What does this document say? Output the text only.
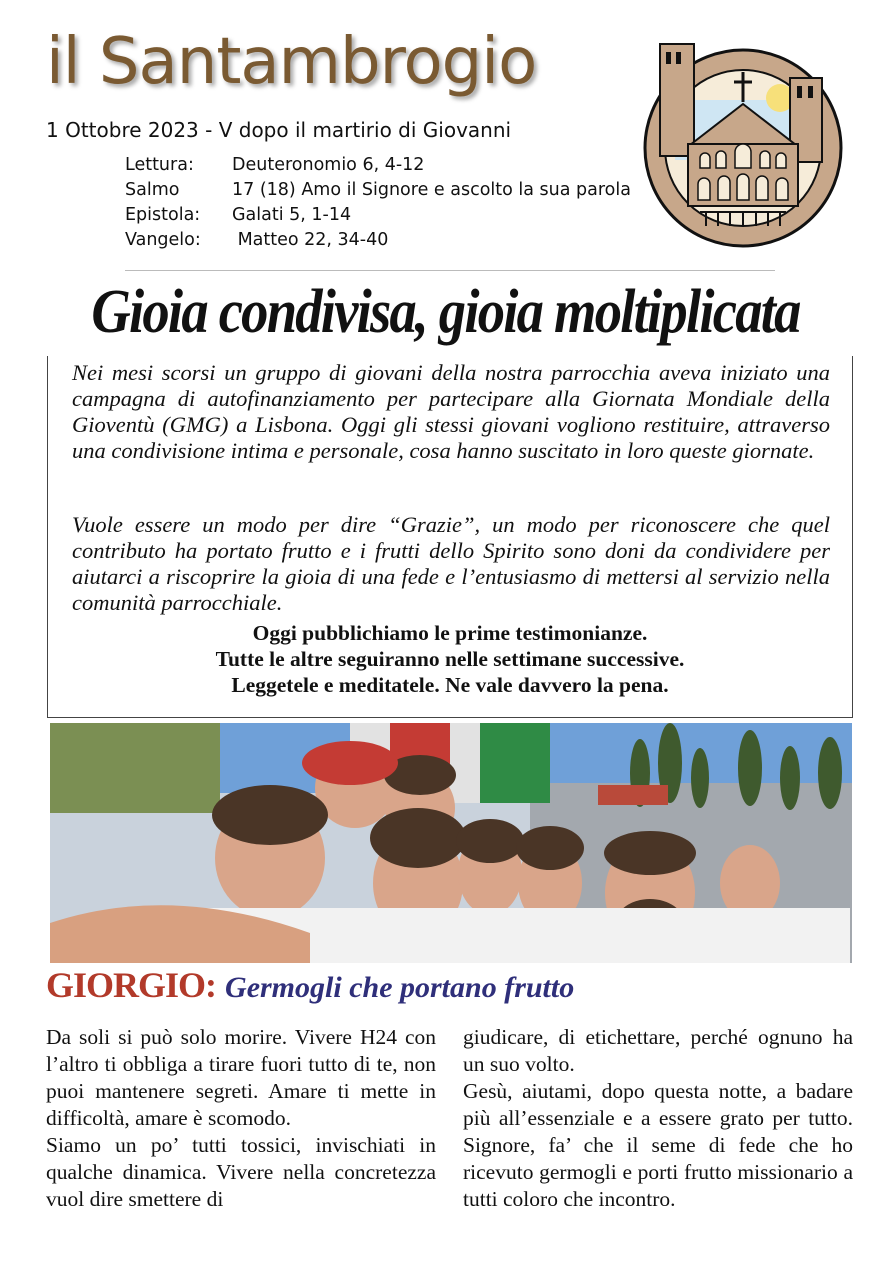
il Santambrogio
1 Ottobre 2023 - V dopo il martirio di Giovanni
Lettura:	Deuteronomio 6, 4-12
Salmo	17 (18) Amo il Signore e ascolto la sua parola
Epistola:	Galati 5, 1-14
Vangelo:	Matteo 22, 34-40
Gioia condivisa, gioia moltiplicata
Nei mesi scorsi un gruppo di giovani della nostra parrocchia aveva iniziato una campagna di autofinanziamento per partecipare alla Giornata Mondiale della Gioventù (GMG) a Lisbona. Oggi gli stessi giovani vogliono restituire, attraverso una condivisione intima e personale, cosa hanno suscitato in loro queste giornate.
Vuole essere un modo per dire “Grazie”, un modo per riconoscere che quel contributo ha portato frutto e i frutti dello Spirito sono doni da condividere per aiutarci a riscoprire la gioia di una fede e l’entusiasmo di mettersi al servizio nella comunità parrocchiale.
Oggi pubblichiamo le prime testimonianze.
Tutte le altre seguiranno nelle settimane successive.
Leggetele e meditatele. Ne vale davvero la pena.
GIORGIO: Germogli che portano frutto

Da soli si può solo morire. Vivere H24 con l’altro ti obbliga a tirare fuori tutto di te, non puoi mantenere segreti. Amare ti mette in difficoltà, amare è scomodo.

Siamo un po’ tutti tossici, invischiati in qualche dinamica. Vivere nella concretezza vuol dire smettere di

giudicare, di etichettare, perché ognuno ha un suo volto.

Gesù, aiutami, dopo questa notte, a badare più all’essenziale e a essere grato per tutto. Signore, fa’ che il seme di fede che ho ricevuto germogli e porti frutto missionario a tutti coloro che incontro.
